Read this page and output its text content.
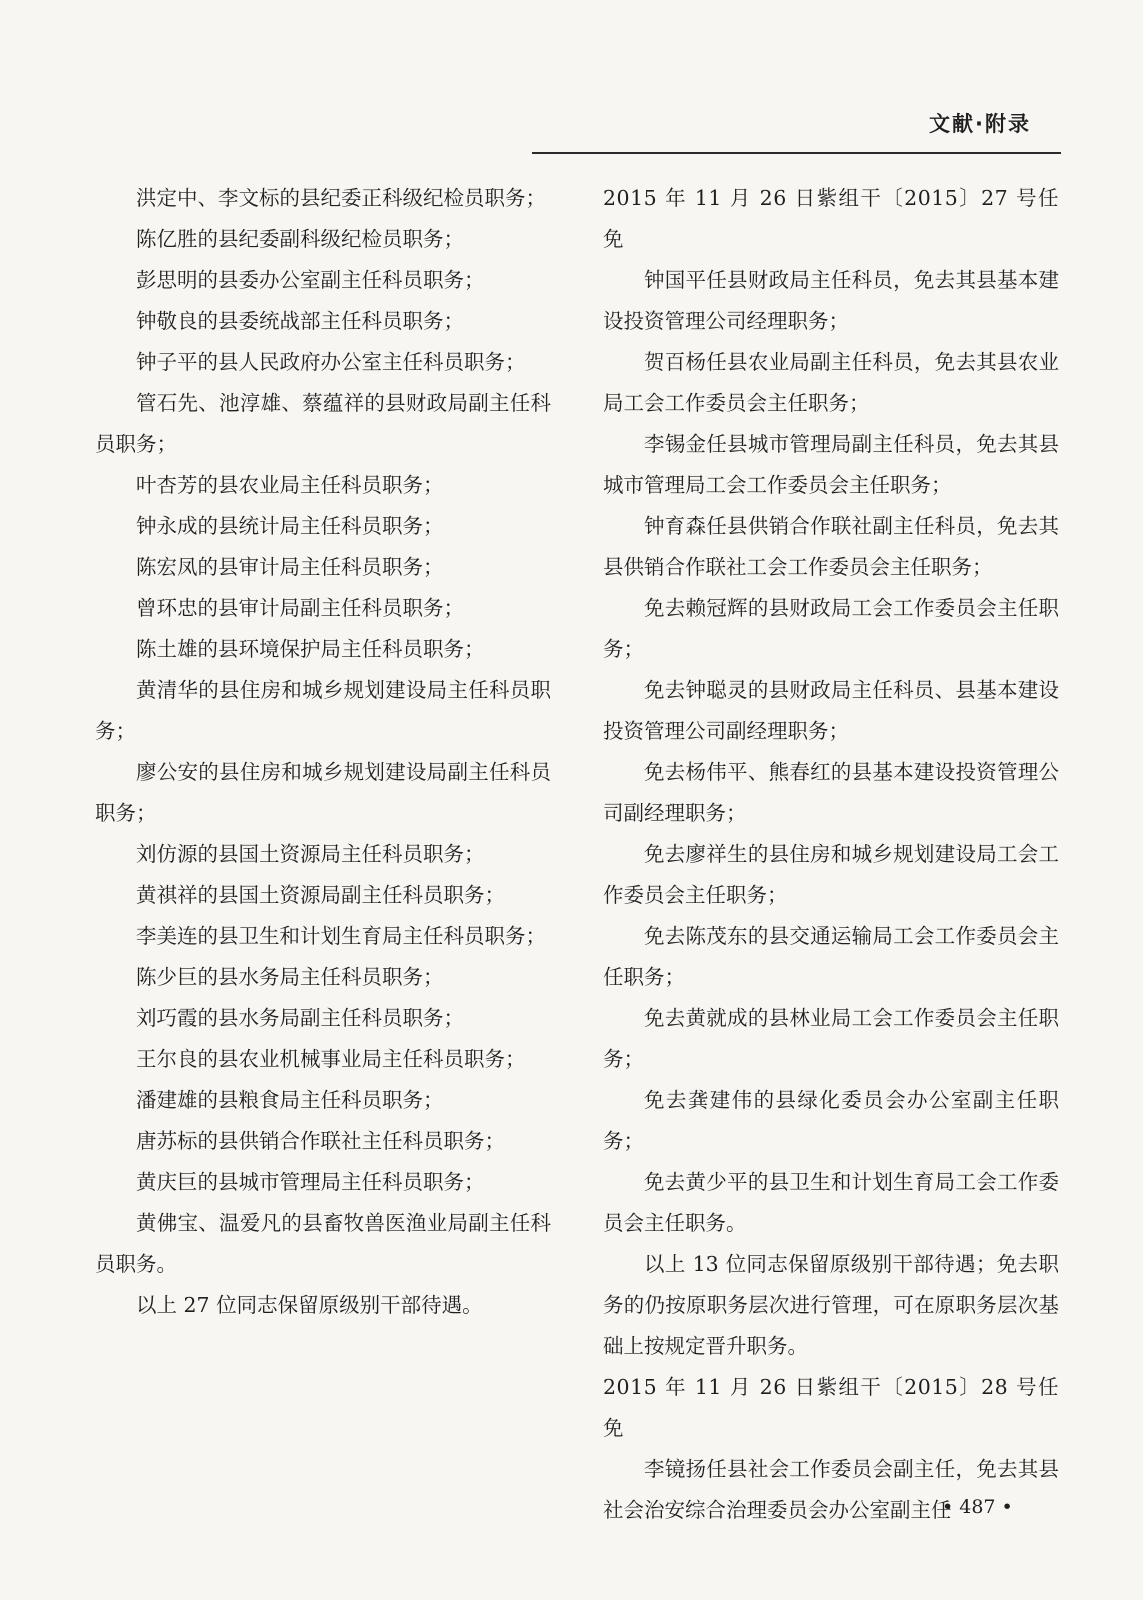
文献·附录

洪定中、李文标的县纪委正科级纪检员职务；

陈亿胜的县纪委副科级纪检员职务；

彭思明的县委办公室副主任科员职务；

钟敬良的县委统战部主任科员职务；

钟子平的县人民政府办公室主任科员职务；

管石先、池淳雄、蔡蕴祥的县财政局副主任科员职务；

叶杏芳的县农业局主任科员职务；

钟永成的县统计局主任科员职务；

陈宏凤的县审计局主任科员职务；

曾环忠的县审计局副主任科员职务；

陈土雄的县环境保护局主任科员职务；

黄清华的县住房和城乡规划建设局主任科员职务；

廖公安的县住房和城乡规划建设局副主任科员职务；

刘仿源的县国土资源局主任科员职务；

黄祺祥的县国土资源局副主任科员职务；

李美连的县卫生和计划生育局主任科员职务；

陈少巨的县水务局主任科员职务；

刘巧霞的县水务局副主任科员职务；

王尔良的县农业机械事业局主任科员职务；

潘建雄的县粮食局主任科员职务；

唐苏标的县供销合作联社主任科员职务；

黄庆巨的县城市管理局主任科员职务；

黄佛宝、温爱凡的县畜牧兽医渔业局副主任科员职务。

以上 27 位同志保留原级别干部待遇。

2015 年 11 月 26 日紫组干〔2015〕27 号任免

钟国平任县财政局主任科员，免去其县基本建设投资管理公司经理职务；

贺百杨任县农业局副主任科员，免去其县农业局工会工作委员会主任职务；

李锡金任县城市管理局副主任科员，免去其县城市管理局工会工作委员会主任职务；

钟育森任县供销合作联社副主任科员，免去其县供销合作联社工会工作委员会主任职务；

免去赖冠辉的县财政局工会工作委员会主任职务；

免去钟聪灵的县财政局主任科员、县基本建设投资管理公司副经理职务；

免去杨伟平、熊春红的县基本建设投资管理公司副经理职务；

免去廖祥生的县住房和城乡规划建设局工会工作委员会主任职务；

免去陈茂东的县交通运输局工会工作委员会主任职务；

免去黄就成的县林业局工会工作委员会主任职务；

免去龚建伟的县绿化委员会办公室副主任职务；

免去黄少平的县卫生和计划生育局工会工作委员会主任职务。

以上 13 位同志保留原级别干部待遇；免去职务的仍按原职务层次进行管理，可在原职务层次基础上按规定晋升职务。

2015 年 11 月 26 日紫组干〔2015〕28 号任免

李镜扬任县社会工作委员会副主任，免去其县社会治安综合治理委员会办公室副主任

• 487 •
